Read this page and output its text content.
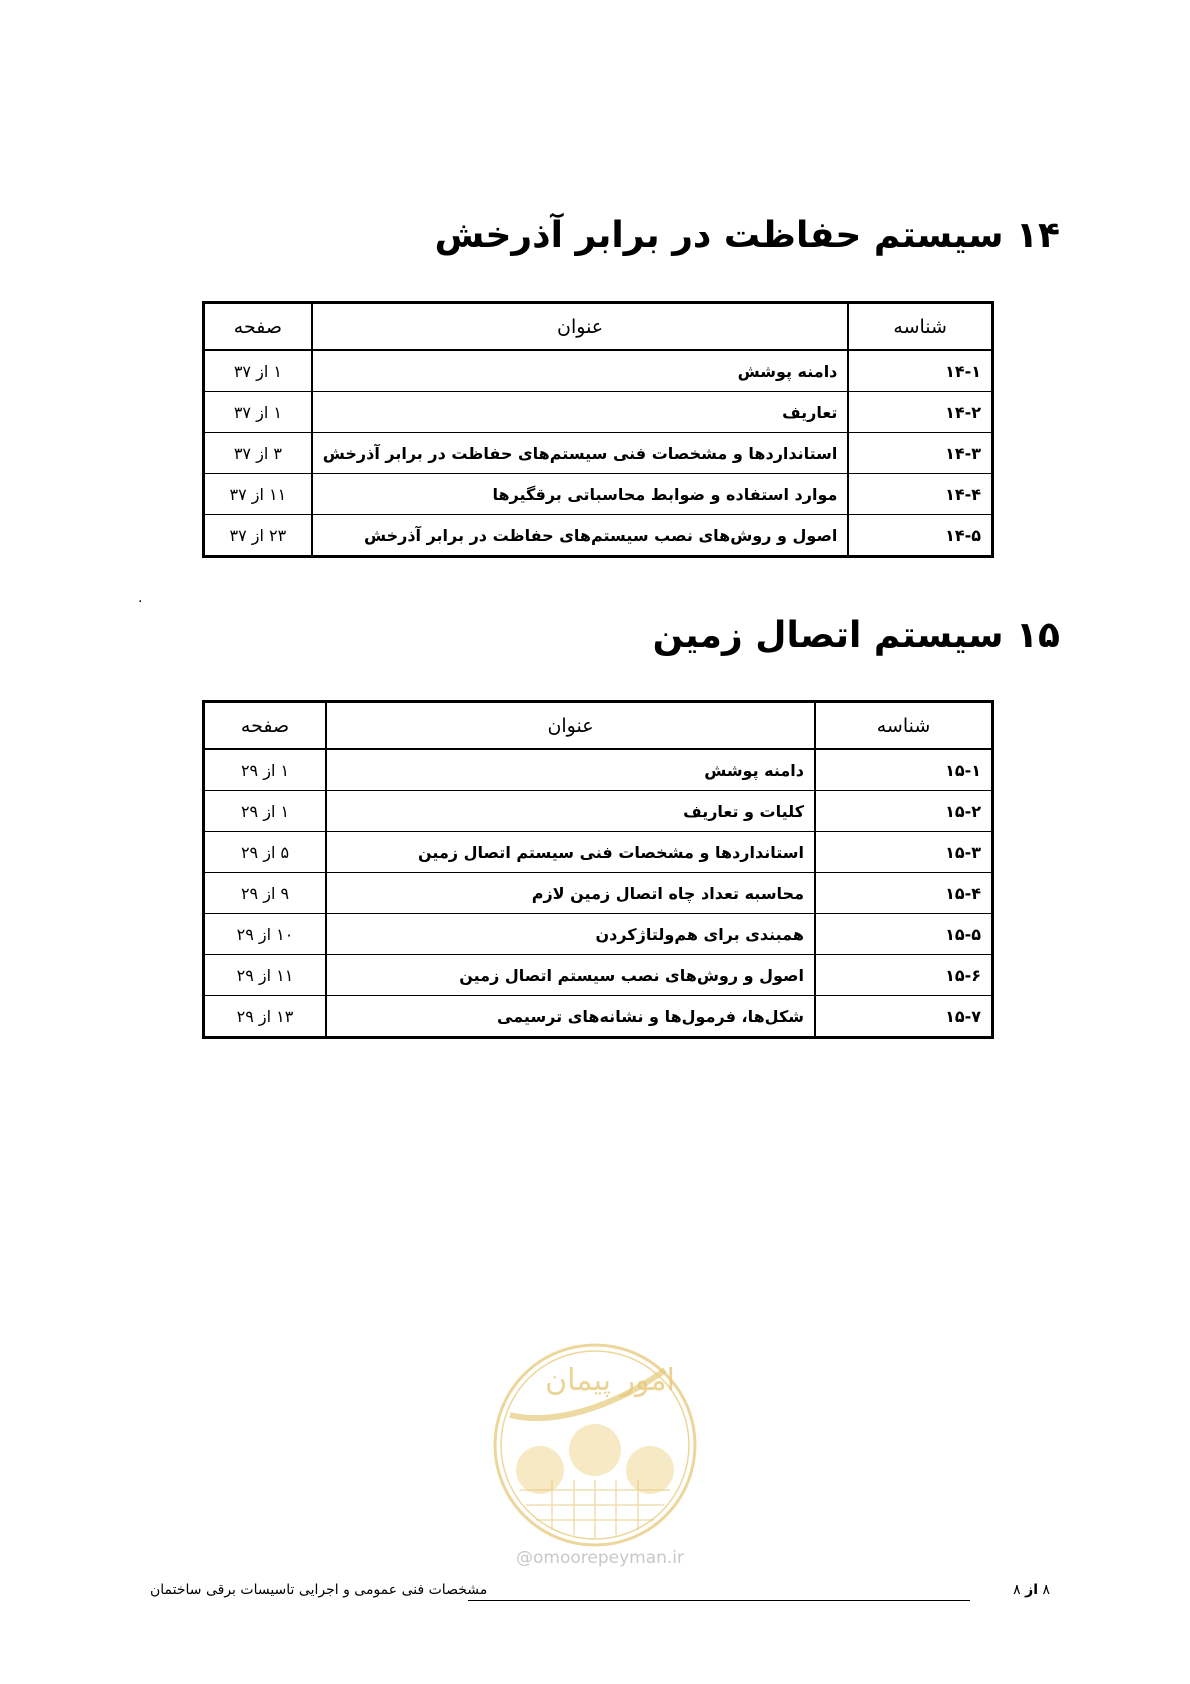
۱۴ سیستم حفاظت در برابر آذرخش
شناسه	عنوان	صفحه
۱۴-۱	دامنه پوشش	۱ از ۳۷
۱۴-۲	تعاریف	۱ از ۳۷
۱۴-۳	استانداردها و مشخصات فنی سیستم‌های حفاظت در برابر آذرخش	۳ از ۳۷
۱۴-۴	موارد استفاده و ضوابط محاسباتی برقگیرها	۱۱ از ۳۷
۱۴-۵	اصول و روش‌های نصب سیستم‌های حفاظت در برابر آذرخش	۲۳ از ۳۷
.
۱۵ سیستم اتصال زمین
شناسه	عنوان	صفحه
۱۵-۱	دامنه پوشش	۱ از ۲۹
۱۵-۲	کلیات و تعاریف	۱ از ۲۹
۱۵-۳	استانداردها و مشخصات فنی سیستم اتصال زمین	۵ از ۲۹
۱۵-۴	محاسبه تعداد چاه اتصال زمین لازم	۹ از ۲۹
۱۵-۵	همبندی برای هم‌ولتاژکردن	۱۰ از ۲۹
۱۵-۶	اصول و روش‌های نصب سیستم اتصال زمین	۱۱ از ۲۹
۱۵-۷	شکل‌ها، فرمول‌ها و نشانه‌های ترسیمی	۱۳ از ۲۹
امور پیمان
@omoorepeyman.ir
۸ از ۸
مشخصات فنی عمومی و اجرایی تاسیسات برقی ساختمان
